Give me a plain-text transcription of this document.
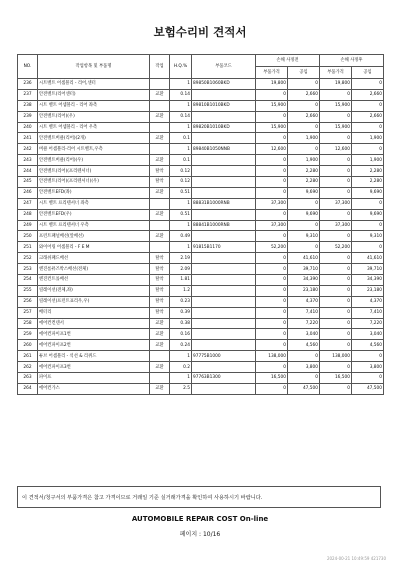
보험수리비 견적서
NO.	작업항목 및 부품명	작업	H.Q.%	부품코드	손해 사정전		손해 사정후	
					부품가격	공임	부품가격	공임
236	시트벨트 어셈블리 - 리어,센터		1	89850B1060BKD	19,800	0	19,800	0
237	안전벨트(리어센터)	교환	0.14		0	2,660	0	2,660
238	시트 벨트 어셈블리 - 리어 좌측		1	89810B1010BKD	15,900	0	15,900	0
239	안전벨트(리어)(우)	교환	0.14		0	2,660	0	2,660
240	시트 벨트 어셈블리 - 리어 우측		1	89820B1010BKD	15,900	0	15,900	0
241	안전벨트버클(리어)(2개)	교환	0.1		0	1,900	0	1,900
242	버클 어셈블리-리어 시트벨트,우측		1	89840B1050NNB	12,600	0	12,600	0
243	안전벨트버클(리어)(우)	교환	0.1		0	1,900	0	1,900
244	안전벨트(리어)(프리텐셔너)	탈착	0.12		0	2,280	0	2,280
245	안전벨트(리어)(프리텐셔너)(우)	탈착	0.12		0	2,280	0	2,280
246	안전벨트EFD(좌)	교환	0.51		0	9,690	0	9,690
247	시트 벨트 프리텐셔너 좌측		1	88831B1000RNB	37,300	0	37,300	0
248	안전벨트EFD(우)	교환	0.51		0	9,690	0	9,690
249	시트 벨트 프리텐셔너 우측		1	88841B1000RNB	37,300	0	37,300	0
250	프런트패널배선(앞배선)	교환	0.49		0	9,310	0	9,310
251	와이어링 어셈블리 - F E M		1	91815B1170	52,200	0	52,200	0
252	크래쉬패드배선	탈착	2.19		0	41,610	0	41,610
253	엔진룸퓨즈박스배선(전체)	탈착	2.09		0	39,710	0	39,710
254	엔진컨트롤배선	탈착	1.81		0	34,390	0	34,390
255	릴레이선(전체,좌)	탈착	1.2		0	23,180	0	23,180
256	릴레이선(프런트표리우,우)	탈착	0.23		0	4,370	0	4,370
257	배터리	탈착	0.39		0	7,410	0	7,410
258	에어컨컨덴서	교환	0.38		0	7,220	0	7,220
259	에어컨파이프1번	교환	0.16		0	3,040	0	3,040
260	에어컨파이프2번	교환	0.24		0	4,560	0	4,560
261	튜브 어셈블리 - 석션 & 리퀴드		1	97775B1000	138,000	0	138,000	0
262	에어컨파이프3번	교환	0.2		0	3,800	0	3,800
263	파이프		1	97763B1300	16,500	0	16,500	0
264	에어컨가스	교환	2.5		0	47,500	0	47,500
이 견적서/청구서의 부품가격은 참고 가격이므로 거래일 기준 실거래가격을 확인하여 사용하시기 바랍니다.
AUTOMOBILE REPAIR COST On-line
페이지 : 10/16
2024-00-21 10:49:59 421730
